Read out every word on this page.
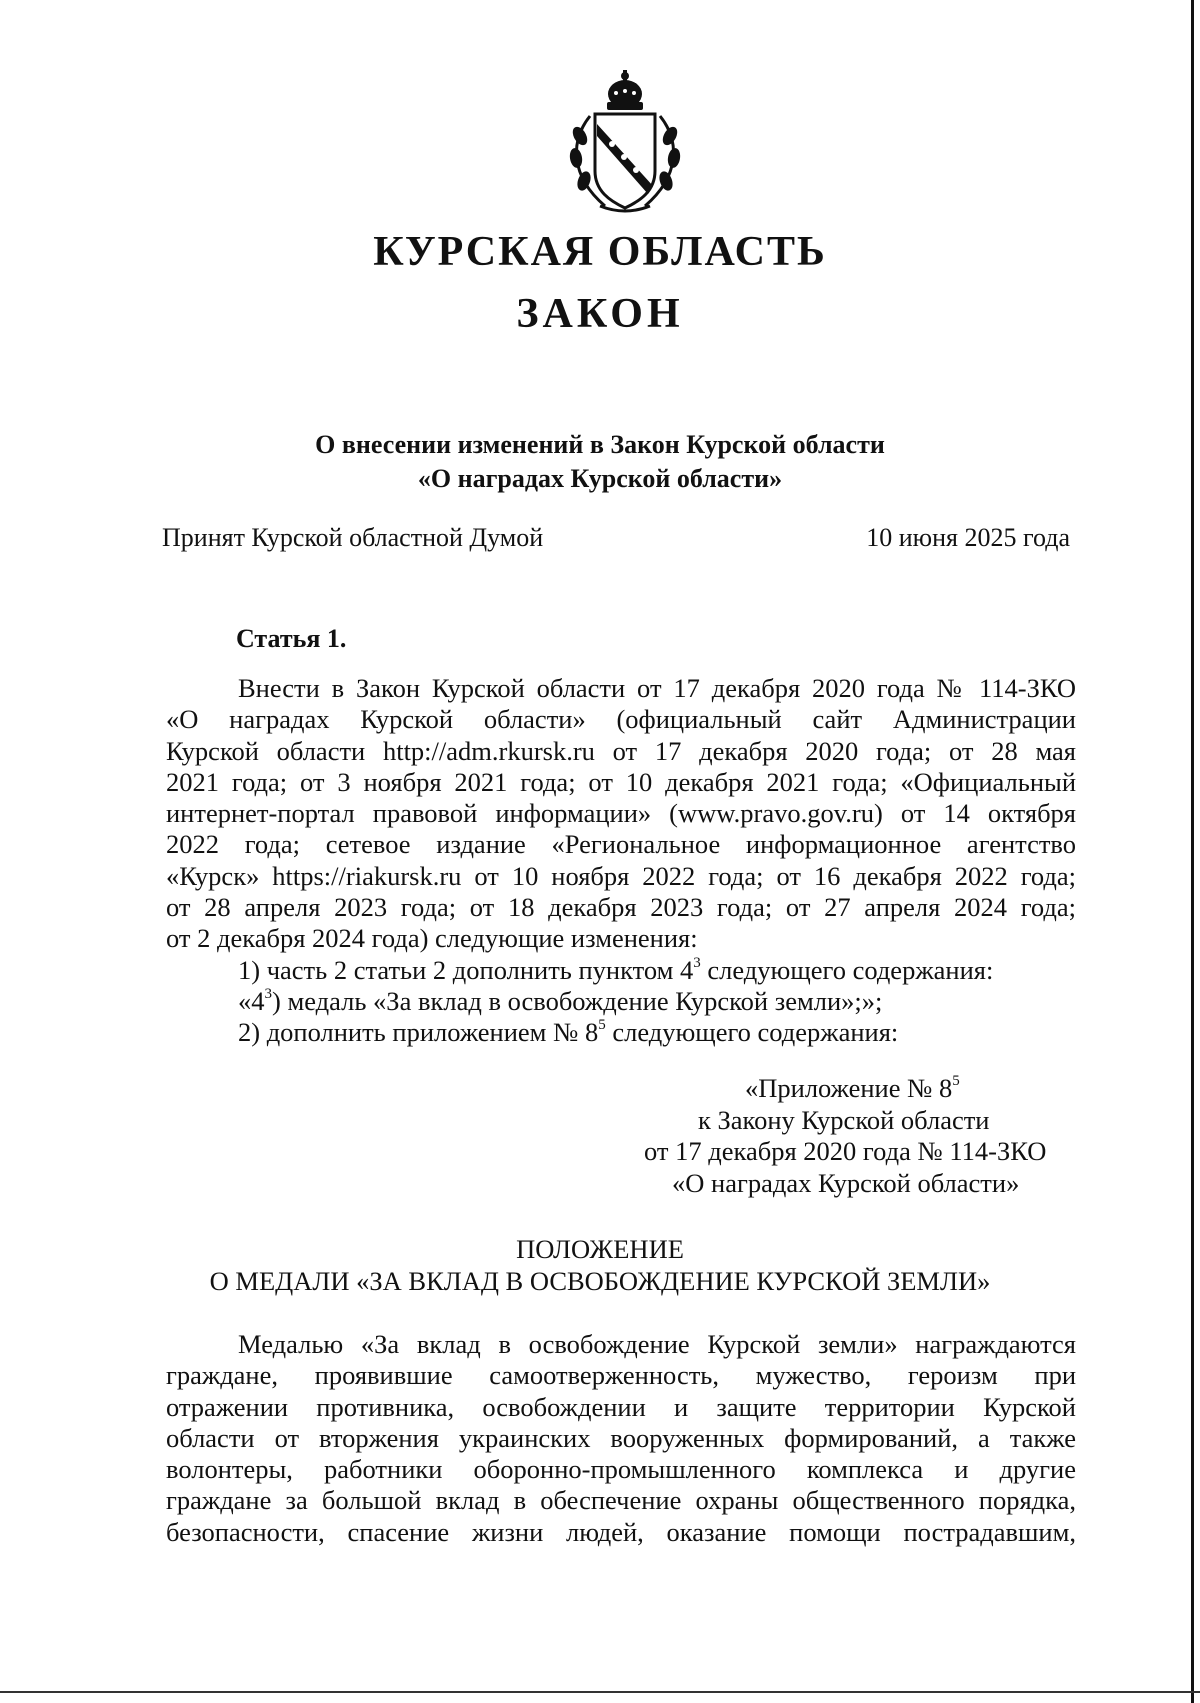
КУРСКАЯ ОБЛАСТЬ
ЗАКОН
О внесении изменений в Закон Курской области
«О наградах Курской области»
Принят Курской областной Думой	10 июня 2025 года
Статья 1.
Внести в Закон Курской области от 17 декабря 2020 года № 114-ЗКО
«О наградах Курской области» (официальный сайт Администрации
Курской области http://adm.rkursk.ru от 17 декабря 2020 года; от 28 мая
2021 года; от 3 ноября 2021 года; от 10 декабря 2021 года; «Официальный
интернет-портал правовой информации» (www.pravo.gov.ru) от 14 октября
2022 года; сетевое издание «Региональное информационное агентство
«Курск» https://riakursk.ru от 10 ноября 2022 года; от 16 декабря 2022 года;
от 28 апреля 2023 года; от 18 декабря 2023 года; от 27 апреля 2024 года;
от 2 декабря 2024 года) следующие изменения:
1) часть 2 статьи 2 дополнить пунктом $4^3$ следующего содержания:
«$4^3$) медаль «За вклад в освобождение Курской земли»;»;
2) дополнить приложением № $8^5$ следующего содержания:
«Приложение № $8^5$
к Закону Курской области
от 17 декабря 2020 года № 114-ЗКО
«О наградах Курской области»
ПОЛОЖЕНИЕ
О МЕДАЛИ «ЗА ВКЛАД В ОСВОБОЖДЕНИЕ КУРСКОЙ ЗЕМЛИ»
Медалью «За вклад в освобождение Курской земли» награждаются
граждане, проявившие самоотверженность, мужество, героизм при
отражении противника, освобождении и защите территории Курской
области от вторжения украинских вооруженных формирований, а также
волонтеры, работники оборонно-промышленного комплекса и другие
граждане за большой вклад в обеспечение охраны общественного порядка,
безопасности, спасение жизни людей, оказание помощи пострадавшим,
